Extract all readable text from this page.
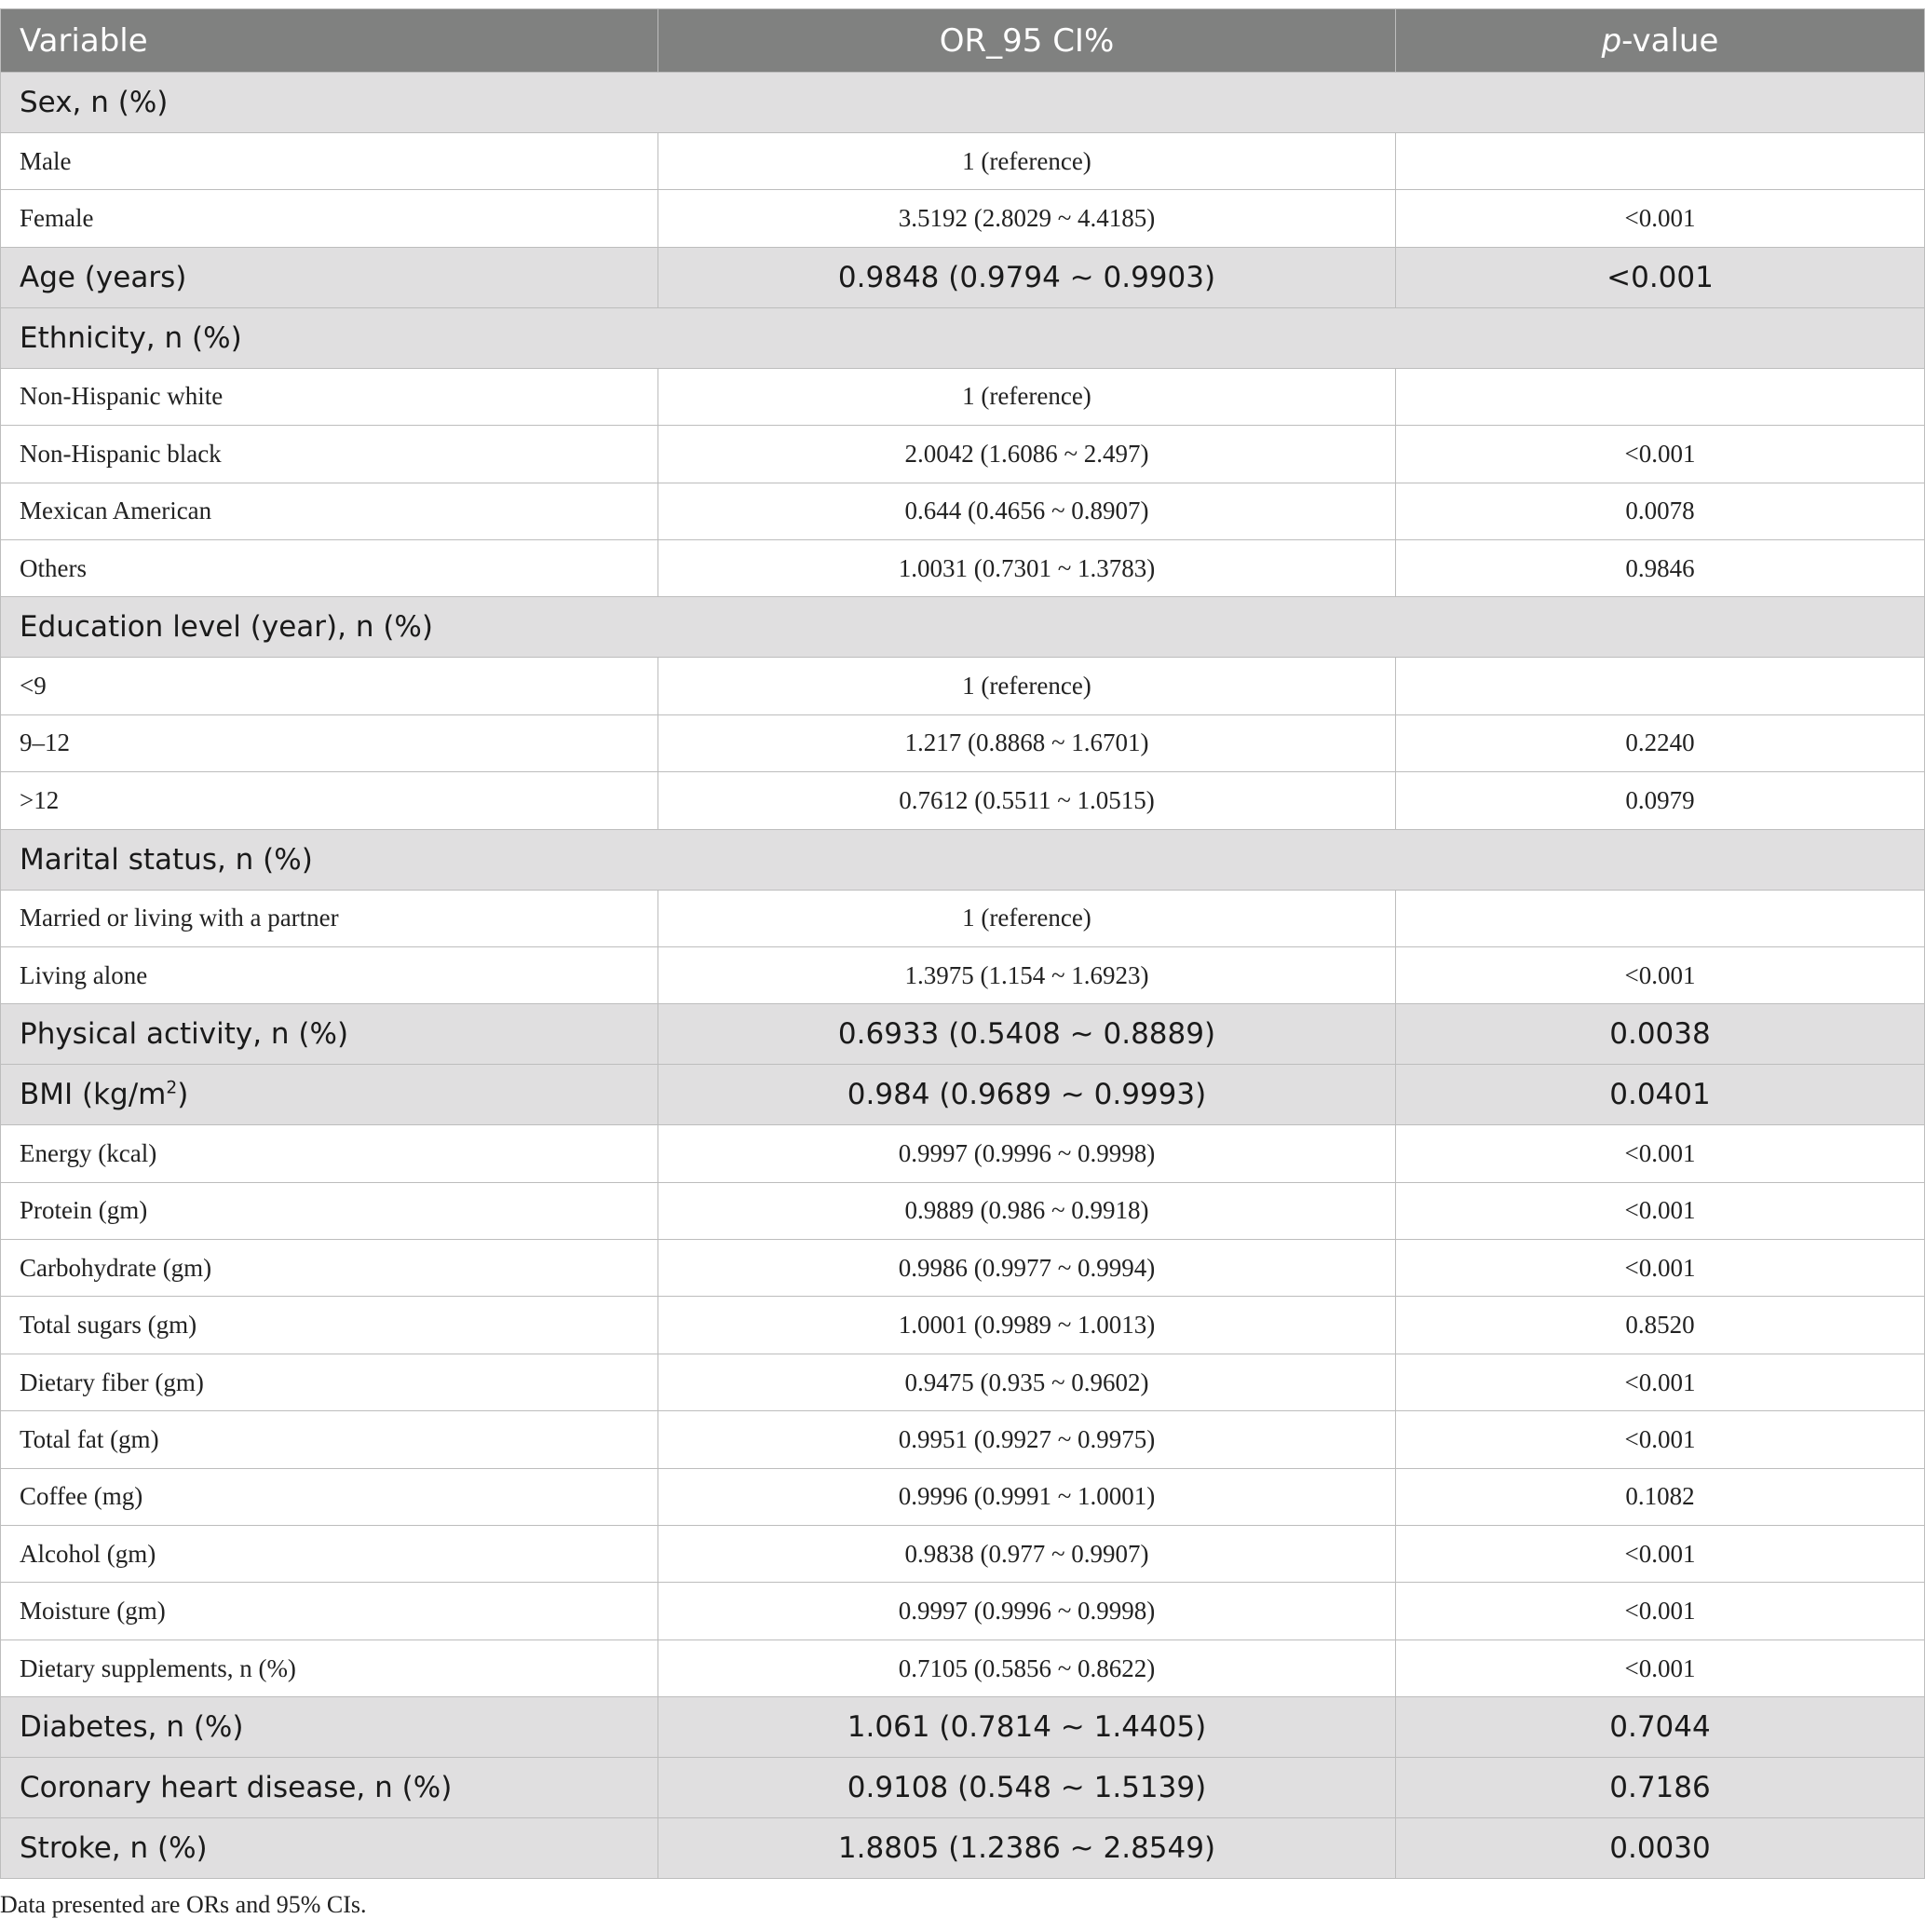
Variable	OR_95 CI%	p-value
Sex, n (%)		
Male	1 (reference)	
Female	3.5192 (2.8029 ~ 4.4185)	<0.001
Age (years)	0.9848 (0.9794 ~ 0.9903)	<0.001
Ethnicity, n (%)		
Non-Hispanic white	1 (reference)	
Non-Hispanic black	2.0042 (1.6086 ~ 2.497)	<0.001
Mexican American	0.644 (0.4656 ~ 0.8907)	0.0078
Others	1.0031 (0.7301 ~ 1.3783)	0.9846
Education level (year), n (%)		
<9	1 (reference)	
9–12	1.217 (0.8868 ~ 1.6701)	0.2240
>12	0.7612 (0.5511 ~ 1.0515)	0.0979
Marital status, n (%)		
Married or living with a partner	1 (reference)	
Living alone	1.3975 (1.154 ~ 1.6923)	<0.001
Physical activity, n (%)	0.6933 (0.5408 ~ 0.8889)	0.0038
BMI $(kg/m^2)$	0.984 (0.9689 ~ 0.9993)	0.0401
Energy (kcal)	0.9997 (0.9996 ~ 0.9998)	<0.001
Protein (gm)	0.9889 (0.986 ~ 0.9918)	<0.001
Carbohydrate (gm)	0.9986 (0.9977 ~ 0.9994)	<0.001
Total sugars (gm)	1.0001 (0.9989 ~ 1.0013)	0.8520
Dietary fiber (gm)	0.9475 (0.935 ~ 0.9602)	<0.001
Total fat (gm)	0.9951 (0.9927 ~ 0.9975)	<0.001
Coffee (mg)	0.9996 (0.9991 ~ 1.0001)	0.1082
Alcohol (gm)	0.9838 (0.977 ~ 0.9907)	<0.001
Moisture (gm)	0.9997 (0.9996 ~ 0.9998)	<0.001
Dietary supplements, n (%)	0.7105 (0.5856 ~ 0.8622)	<0.001
Diabetes, n (%)	1.061 (0.7814 ~ 1.4405)	0.7044
Coronary heart disease, n (%)	0.9108 (0.548 ~ 1.5139)	0.7186
Stroke, n (%)	1.8805 (1.2386 ~ 2.8549)	0.0030
Data presented are ORs and 95% CIs.
